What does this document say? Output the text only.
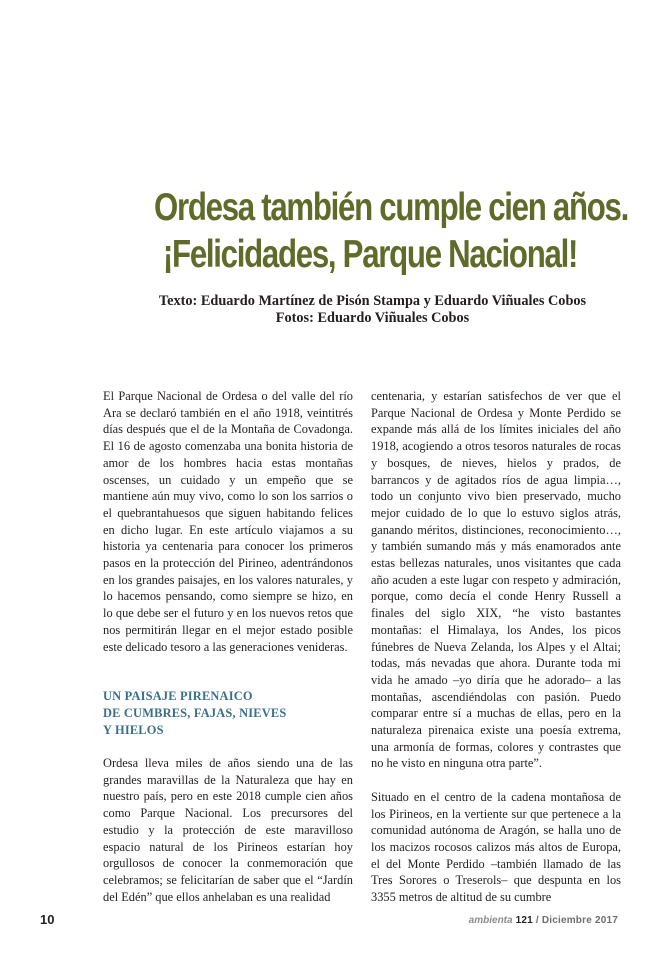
Ordesa también cumple cien años.
¡Felicidades, Parque Nacional!
Texto: Eduardo Martínez de Pisón Stampa y Eduardo Viñuales Cobos
Fotos: Eduardo Viñuales Cobos

El Parque Nacional de Ordesa o del valle del río Ara se declaró también en el año 1918, veintitrés días después que el de la Montaña de Covadonga. El 16 de agosto comenzaba una bonita historia de amor de los hombres hacia estas montañas oscenses, un cuidado y un empeño que se mantiene aún muy vivo, como lo son los sarrios o el quebrantahuesos que siguen habitando felices en dicho lugar. En este artículo viajamos a su historia ya centenaria para conocer los primeros pasos en la protección del Pirineo, adentrándonos en los grandes paisajes, en los valores naturales, y lo hacemos pensando, como siempre se hizo, en lo que debe ser el futuro y en los nuevos retos que nos permitirán llegar en el mejor estado posible este delicado tesoro a las generaciones venideras.

UN PAISAJE PIRENAICO
DE CUMBRES, FAJAS, NIEVES
Y HIELOS

Ordesa lleva miles de años siendo una de las grandes maravillas de la Naturaleza que hay en nuestro país, pero en este 2018 cumple cien años como Parque Nacional. Los precursores del estudio y la protección de este maravilloso espacio natural de los Pirineos estarían hoy orgullosos de conocer la conmemoración que celebramos; se felicitarían de saber que el “Jardín del Edén” que ellos anhelaban es una realidad

centenaria, y estarían satisfechos de ver que el Parque Nacional de Ordesa y Monte Perdido se expande más allá de los límites iniciales del año 1918, acogiendo a otros tesoros naturales de rocas y bosques, de nieves, hielos y prados, de barrancos y de agitados ríos de agua limpia…, todo un conjunto vivo bien preservado, mucho mejor cuidado de lo que lo estuvo siglos atrás, ganando méritos, distinciones, reconocimiento…, y también sumando más y más enamorados ante estas bellezas naturales, unos visitantes que cada año acuden a este lugar con respeto y admiración, porque, como decía el conde Henry Russell a finales del siglo XIX, “he visto bastantes montañas: el Himalaya, los Andes, los picos fúnebres de Nueva Zelanda, los Alpes y el Altai; todas, más nevadas que ahora. Durante toda mi vida he amado –yo diría que he adorado– a las montañas, ascendiéndolas con pasión. Puedo comparar entre sí a muchas de ellas, pero en la naturaleza pirenaica existe una poesía extrema, una armonía de formas, colores y contrastes que no he visto en ninguna otra parte”.

Situado en el centro de la cadena montañosa de los Pirineos, en la vertiente sur que pertenece a la comunidad autónoma de Aragón, se halla uno de los macizos rocosos calizos más altos de Europa, el del Monte Perdido –también llamado de las Tres Sorores o Treserols– que despunta en los 3355 metros de altitud de su cumbre

10	ambienta 121 / Diciembre 2017
